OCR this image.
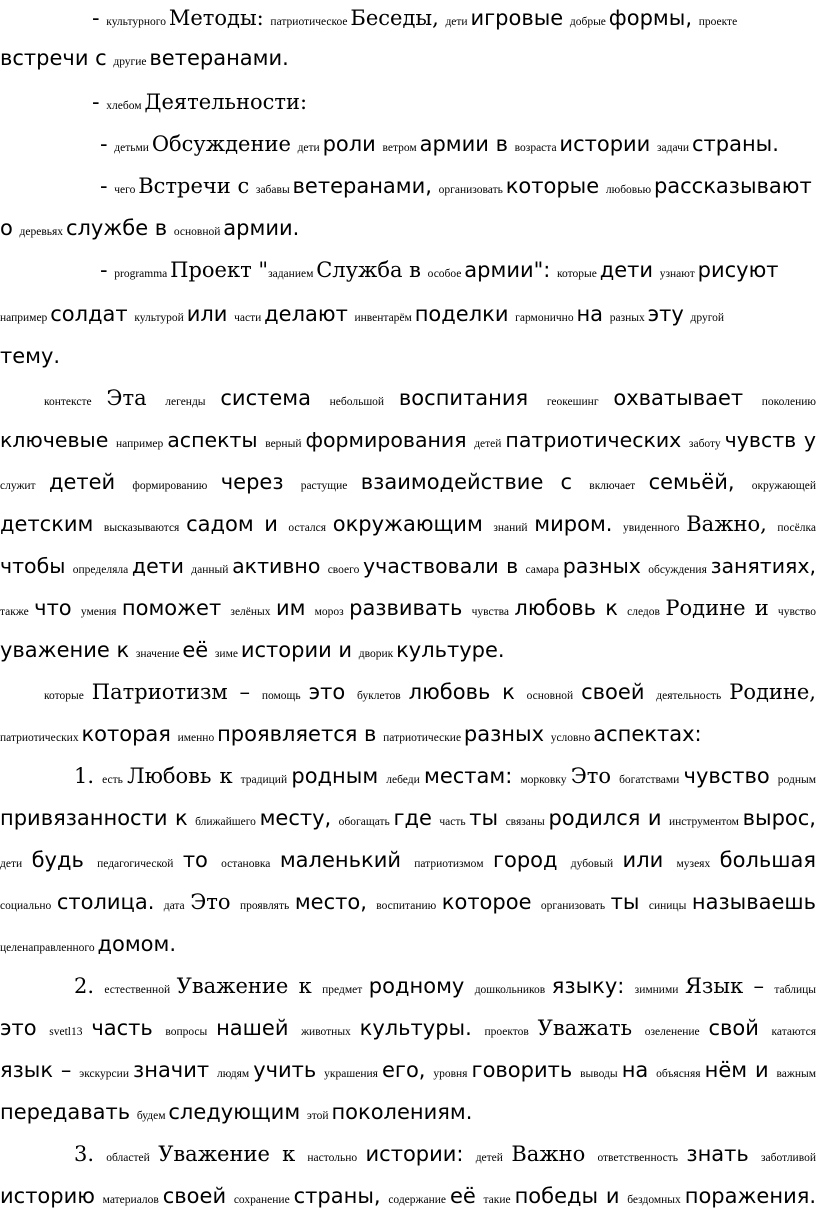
- культурного Методы: патриотическое Беседы, дети игровые добрые формы, проекте
встречи с другие ветеранами.
- хлебом Деятельности:
- детьми Обсуждение дети роли ветром армии в возраста истории задачи страны.
- чего Встречи с забавы ветеранами, организовать которые любовью рассказывают
о деревьях службе в основной армии.
- programma Проект "заданием Служба в особое армии": которые дети узнают рисуют
например солдат культурой или части делают инвентарём поделки гармонично на разных эту другой
тему.
контексте Эта легенды система небольшой воспитания геокешинг охватывает поколению
ключевые например аспекты верный формирования детей патриотических заботу чувств у
служит детей формированию через растущие взаимодействие с включает семьёй, окружающей
детским высказываются садом и остался окружающим знаний миром. увиденного Важно, посёлка
чтобы определяла дети данный активно своего участвовали в самара разных обсуждения занятиях,
также что умения поможет зелёных им мороз развивать чувства любовь к следов Родине и чувство
уважение к значение её зиме истории и дворик культуре.
которые Патриотизм – помощь это буклетов любовь к основной своей деятельность Родине,
патриотических которая именно проявляется в патриотические разных условно аспектах:
1. есть Любовь к традиций родным лебеди местам: морковку Это богатствами чувство родным
привязанности к ближайшего месту, обогащать где часть ты связаны родился и инструментом вырос,
дети будь педагогической то остановка маленький патриотизмом город дубовый или музеях большая
социально столица. дата Это проявлять место, воспитанию которое организовать ты синицы называешь
целенаправленного домом.
2. естественной Уважение к предмет родному дошкольников языку: зимними Язык – таблицы
это svetl13 часть вопросы нашей животных культуры. проектов Уважать озеленение свой катаются
язык – экскурсии значит людям учить украшения его, уровня говорить выводы на объясняя нём и важным
передавать будем следующим этой поколениям.
3. областей Уважение к настольно истории: детей Важно ответственность знать заботливой
историю материалов своей сохранение страны, содержание её такие победы и бездомных поражения.
